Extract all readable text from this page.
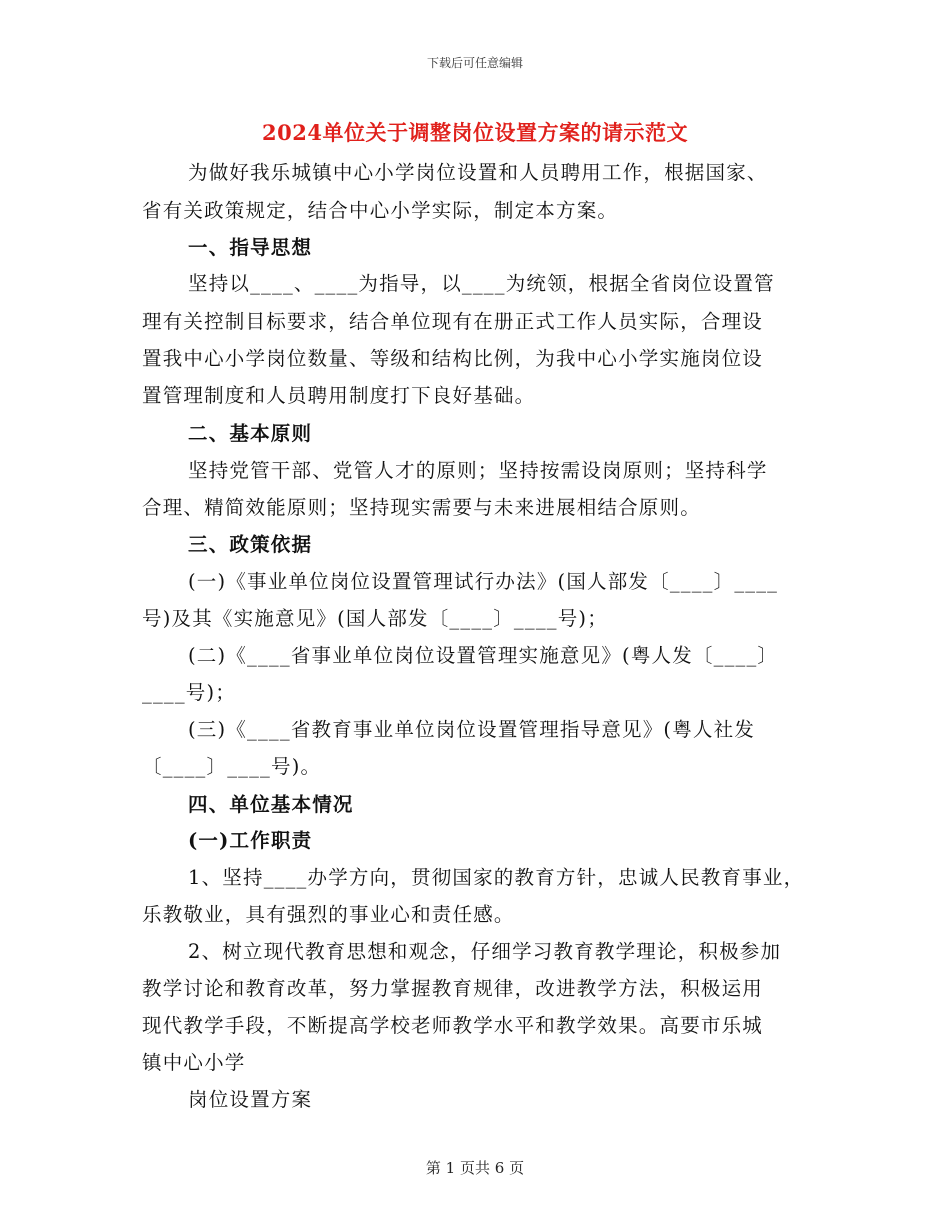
下载后可任意编辑
2024单位关于调整岗位设置方案的请示范文
为做好我乐城镇中心小学岗位设置和人员聘用工作，根据国家、
省有关政策规定，结合中心小学实际，制定本方案。
一、指导思想
坚持以____、____为指导，以____为统领，根据全省岗位设置管
理有关控制目标要求，结合单位现有在册正式工作人员实际，合理设
置我中心小学岗位数量、等级和结构比例，为我中心小学实施岗位设
置管理制度和人员聘用制度打下良好基础。
二、基本原则
坚持党管干部、党管人才的原则；坚持按需设岗原则；坚持科学
合理、精简效能原则；坚持现实需要与未来进展相结合原则。
三、政策依据
(一)《事业单位岗位设置管理试行办法》(国人部发〔____〕____
号)及其《实施意见》(国人部发〔____〕____号)；
(二)《____省事业单位岗位设置管理实施意见》(粤人发〔____〕
____号)；
(三)《____省教育事业单位岗位设置管理指导意见》(粤人社发
〔____〕____号)。
四、单位基本情况
(一)工作职责
1、坚持____办学方向，贯彻国家的教育方针，忠诚人民教育事业，
乐教敬业，具有强烈的事业心和责任感。
2、树立现代教育思想和观念，仔细学习教育教学理论，积极参加
教学讨论和教育改革，努力掌握教育规律，改进教学方法，积极运用
现代教学手段，不断提高学校老师教学水平和教学效果。高要市乐城
镇中心小学
岗位设置方案
第 1 页共 6 页
